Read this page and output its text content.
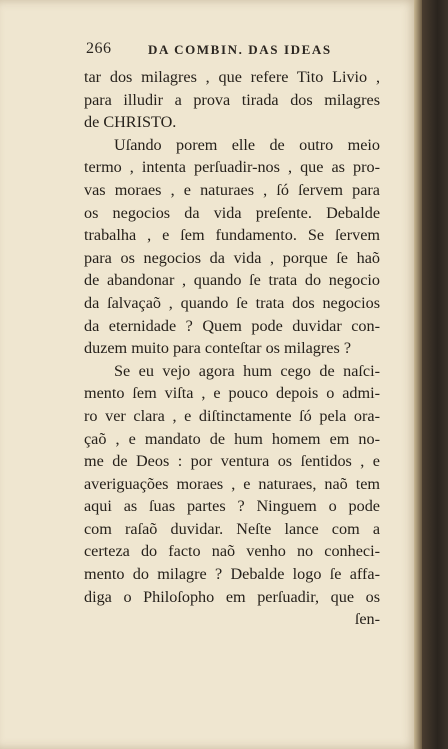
266	DA COMBIN. DAS IDEAS
tar dos milagres , que refere Tito Livio ,
para illudir a prova tirada dos milagres
de CHRISTO.
Uſando porem elle de outro meio
termo , intenta perſuadir-nos , que as pro-
vas moraes , e naturaes , ſó ſervem para
os negocios da vida preſente. Debalde
trabalha , e ſem fundamento. Se ſervem
para os negocios da vida , porque ſe haõ
de abandonar , quando ſe trata do negocio
da ſalvaçaõ , quando ſe trata dos negocios
da eternidade ? Quem pode duvidar con-
duzem muito para conteſtar os milagres ?
Se eu vejo agora hum cego de naſci-
mento ſem viſta , e pouco depois o admi-
ro ver clara , e diſtinctamente ſó pela ora-
çaõ , e mandato de hum homem em no-
me de Deos : por ventura os ſentidos , e
averiguações moraes , e naturaes, naõ tem
aqui as ſuas partes ? Ninguem o pode
com raſaõ duvidar. Neſte lance com a
certeza do facto naõ venho no conheci-
mento do milagre ? Debalde logo ſe affa-
diga o Philoſopho em perſuadir, que os
ſen-
